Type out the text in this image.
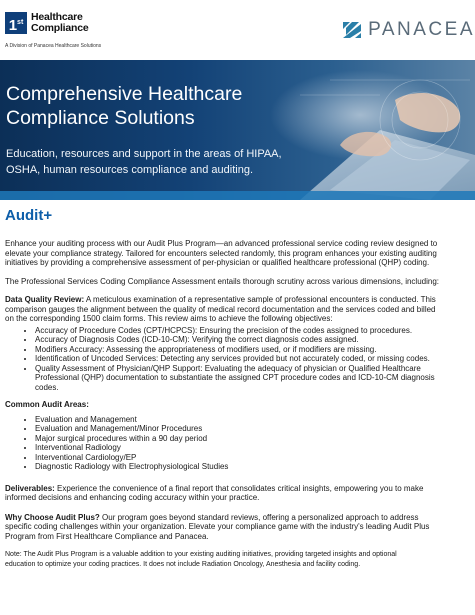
1st Healthcare
Compliance
A Division of Panacea Healthcare Solutions
PANACEA
Comprehensive Healthcare Compliance Solutions
Education, resources and support in the areas of HIPAA, OSHA, human resources compliance and auditing.
Audit+
Enhance your auditing process with our Audit Plus Program—an advanced professional service coding review designed to
elevate your compliance strategy. Tailored for encounters selected randomly, this program enhances your existing auditing
initiatives by providing a comprehensive assessment of per-physician or qualified healthcare professional (QHP) coding.
The Professional Services Coding Compliance Assessment entails thorough scrutiny across various dimensions, including:
Data Quality Review: A meticulous examination of a representative sample of professional encounters is conducted. This
comparison gauges the alignment between the quality of medical record documentation and the services coded and billed
on the corresponding 1500 claim forms. This review aims to achieve the following objectives:
• Accuracy of Procedure Codes (CPT/HCPCS): Ensuring the precision of the codes assigned to procedures.
• Accuracy of Diagnosis Codes (ICD-10-CM): Verifying the correct diagnosis codes assigned.
• Modifiers Accuracy: Assessing the appropriateness of modifiers used, or if modifiers are missing.
• Identification of Uncoded Services: Detecting any services provided but not accurately coded, or missing codes.
• Quality Assessment of Physician/QHP Support: Evaluating the adequacy of physician or Qualified Healthcare
Professional (QHP) documentation to substantiate the assigned CPT procedure codes and ICD-10-CM diagnosis
codes.
Common Audit Areas:
• Evaluation and Management
• Evaluation and Management/Minor Procedures
• Major surgical procedures within a 90 day period
• Interventional Radiology
• Interventional Cardiology/EP
• Diagnostic Radiology with Electrophysiological Studies
Deliverables: Experience the convenience of a final report that consolidates critical insights, empowering you to make
informed decisions and enhancing coding accuracy within your practice.
Why Choose Audit Plus? Our program goes beyond standard reviews, offering a personalized approach to address
specific coding challenges within your organization. Elevate your compliance game with the industry's leading Audit Plus
Program from First Healthcare Compliance and Panacea.
Note: The Audit Plus Program is a valuable addition to your existing auditing initiatives, providing targeted insights and optional
education to optimize your coding practices. It does not include Radiation Oncology, Anesthesia and facility coding.
